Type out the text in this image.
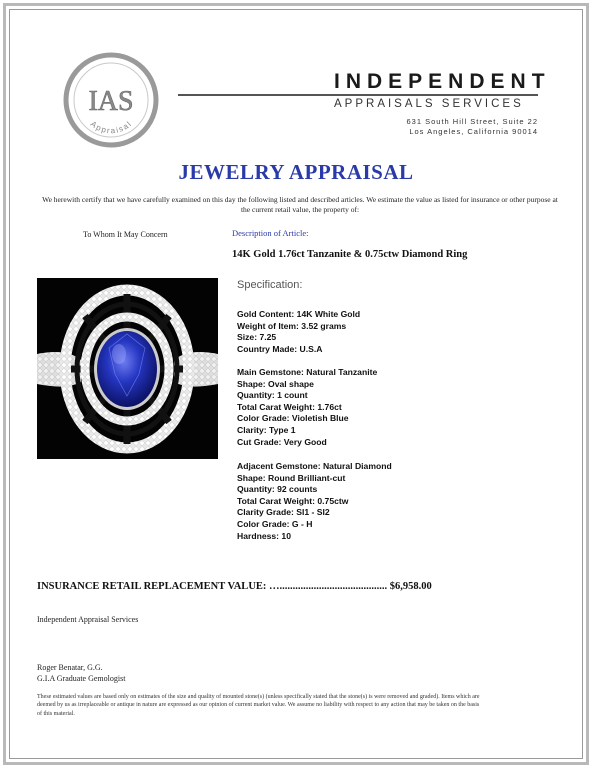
IAS
Appraisal
INDEPENDENT
APPRAISALS SERVICES
631 South Hill Street, Suite 22
Los Angeles, California 90014
JEWELRY APPRAISAL
We herewith certify that we have carefully examined on this day the following listed and described articles. We estimate the value as listed for insurance or other purpose at the current retail value, the property of:
To Whom It May Concern	Description of Article:
14K Gold 1.76ct Tanzanite & 0.75ctw Diamond Ring
Specification:
Gold Content: 14K White Gold
Weight of Item: 3.52 grams
Size: 7.25
Country Made: U.S.A
Main Gemstone: Natural Tanzanite
Shape: Oval shape
Quantity: 1 count
Total Carat Weight: 1.76ct
Color Grade: Violetish Blue
Clarity: Type 1
Cut Grade: Very Good
Adjacent Gemstone: Natural Diamond
Shape: Round Brilliant-cut
Quantity: 92 counts
Total Carat Weight: 0.75ctw
Clarity Grade: SI1 - SI2
Color Grade: G - H
Hardness: 10
INSURANCE RETAIL REPLACEMENT VALUE: …......................................... $6,958.00
Independent Appraisal Services
Roger Benatar, G.G.
G.I.A Graduate Gemologist
These estimated values are based only on estimates of the size and quality of mounted stone(s) (unless specifically stated that the stone(s) is were removed and graded). Items which are deemed by us as irreplaceable or antique in nature are expressed as our opinion of current market value. We assume no liability with respect to any action that may be taken on the basis of this material.
